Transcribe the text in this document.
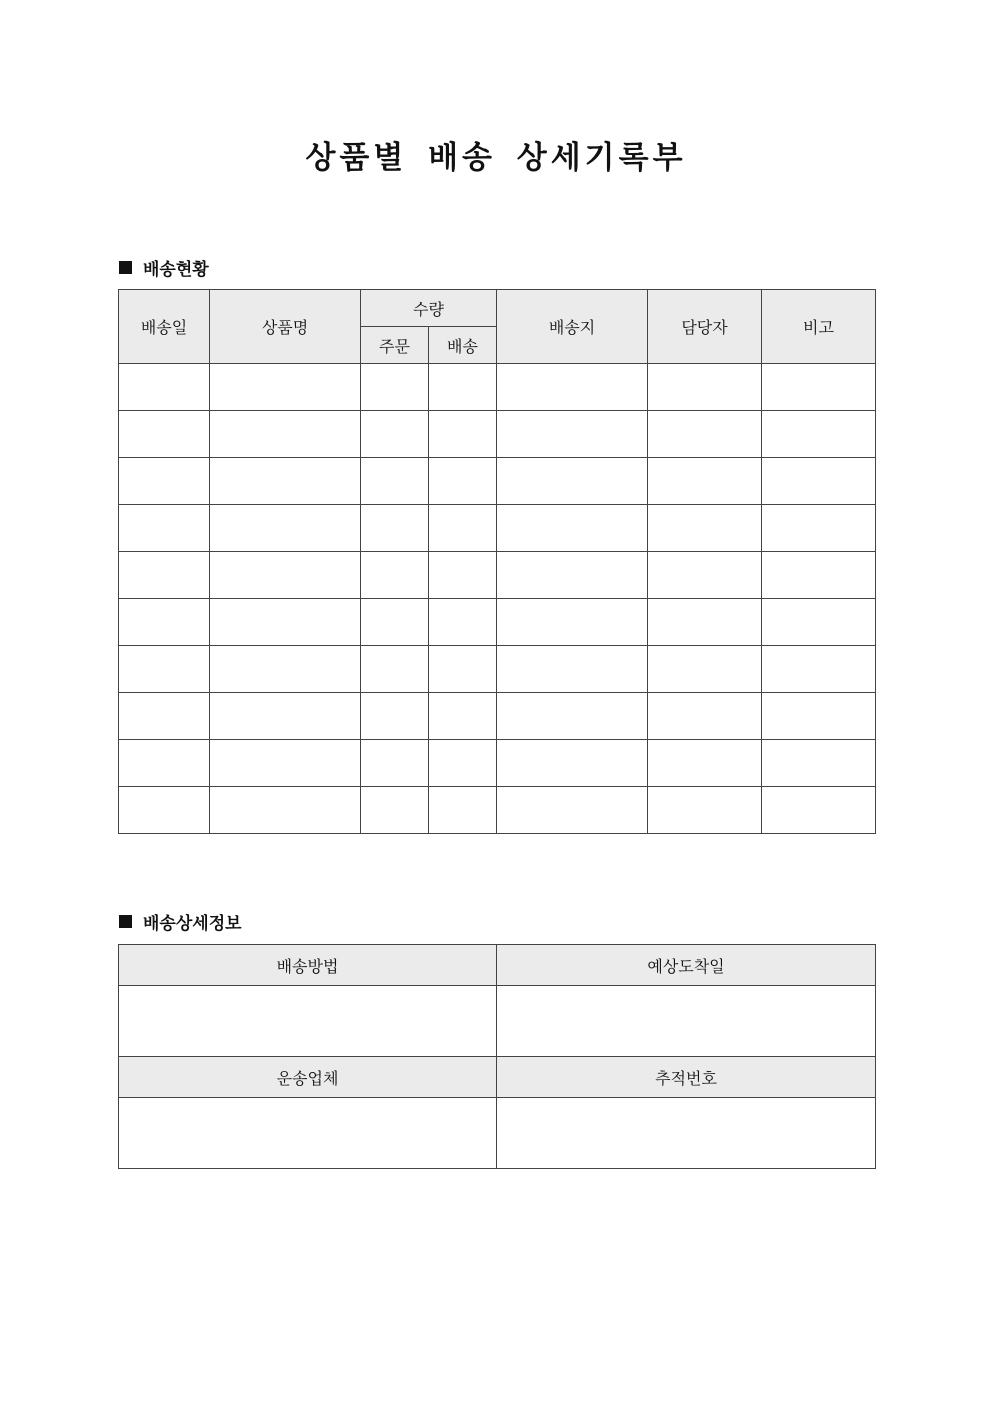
상품별 배송 상세기록부
배송현황
배송일	상품명	수량		배송지	담당자	비고
		주문	배송			

배송상세정보
배송방법	예상도착일

운송업체	추적번호
